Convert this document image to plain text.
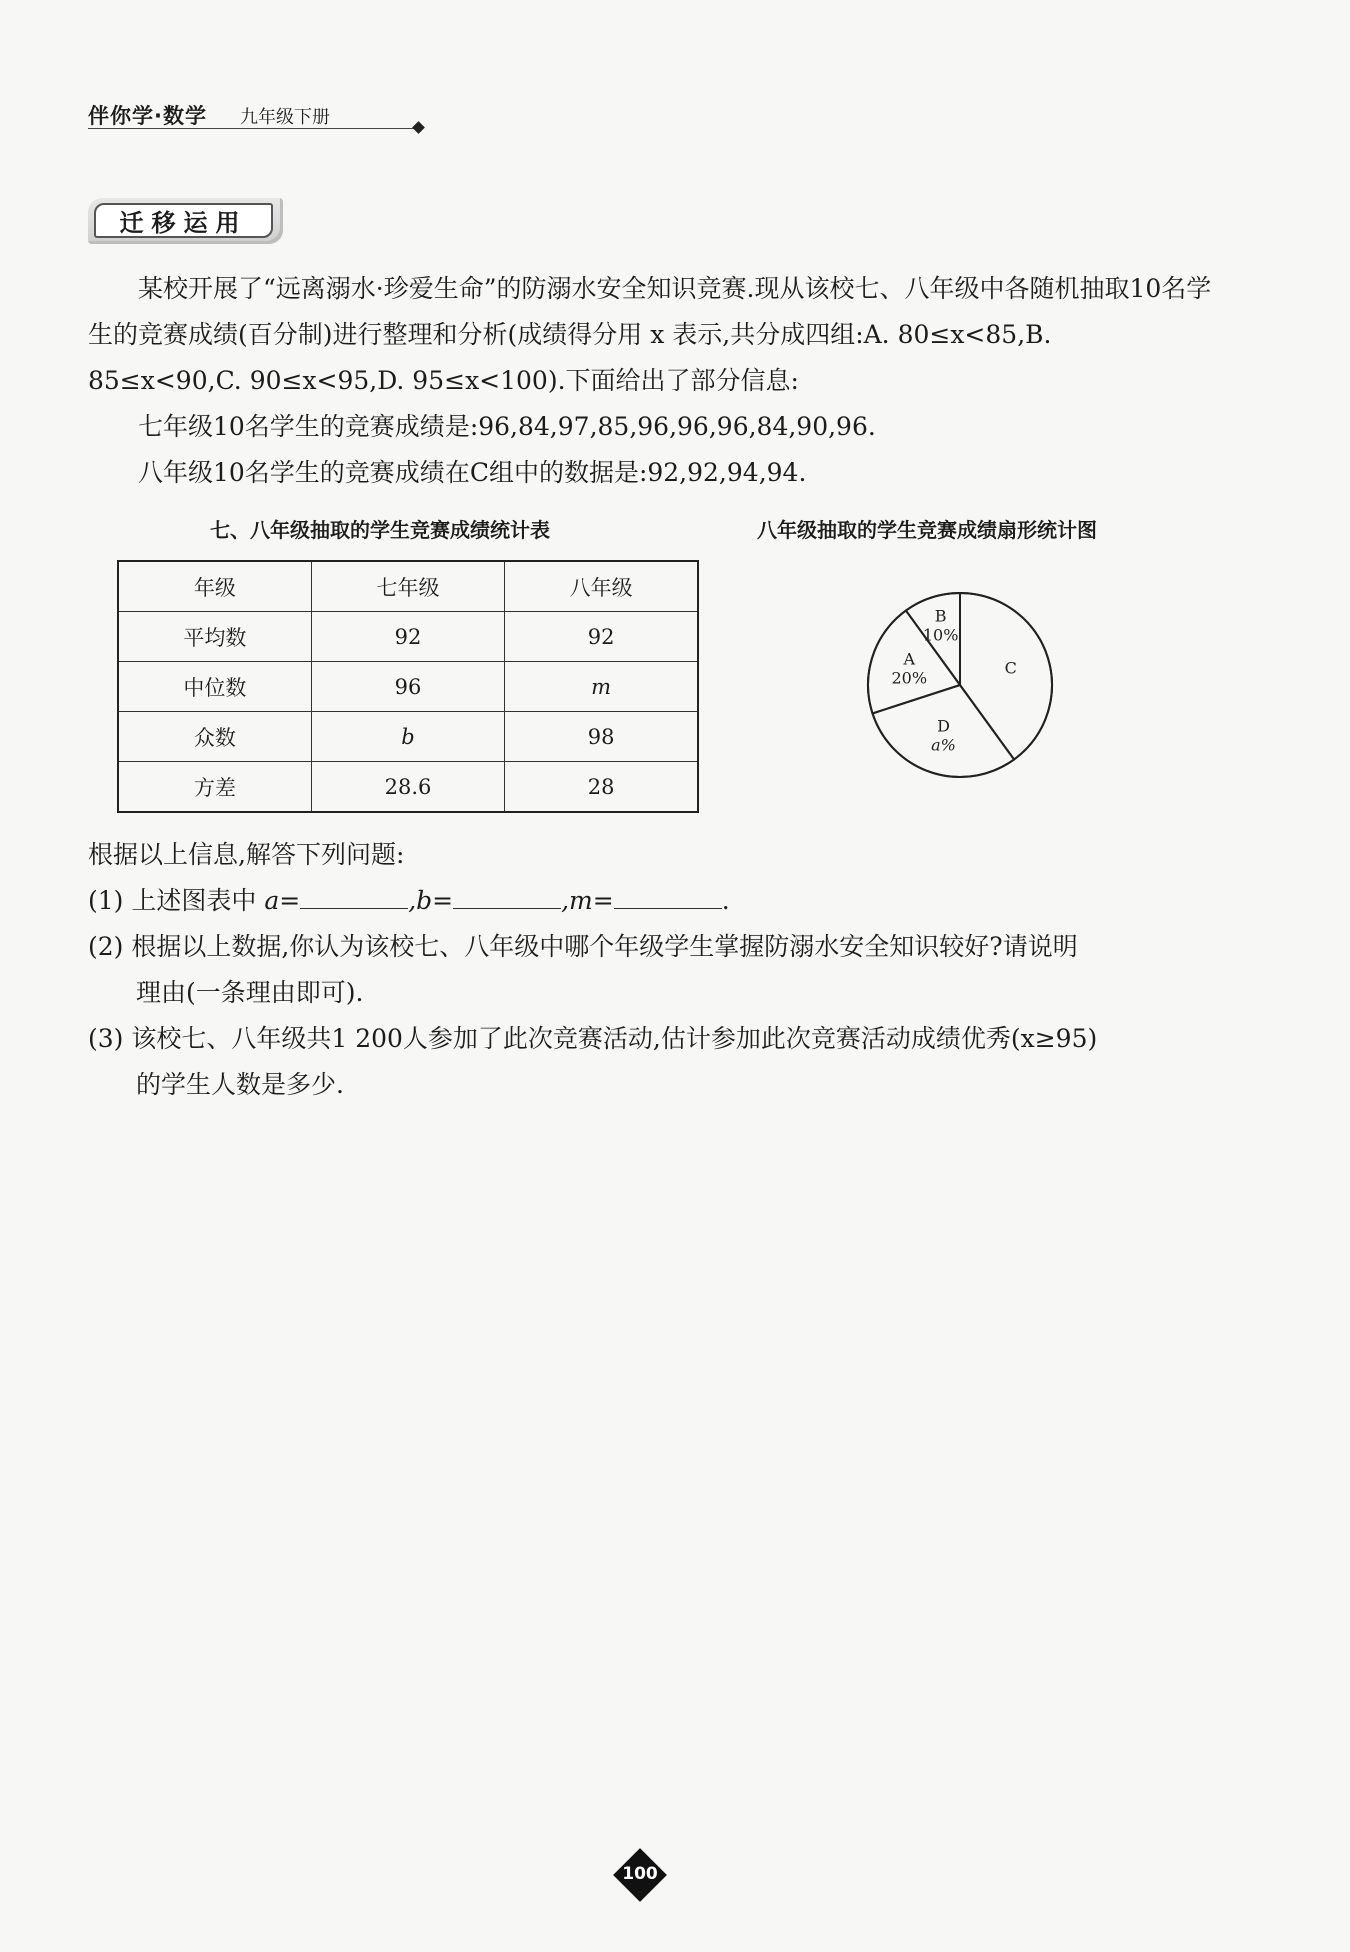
伴你学·数学 九年级下册
迁移运用
某校开展了“远离溺水·珍爱生命”的防溺水安全知识竞赛.现从该校七、八年级中各随机抽取10名学生的竞赛成绩(百分制)进行整理和分析(成绩得分用 x 表示,共分成四组:A. 80≤x<85,B. 85≤x<90,C. 90≤x<95,D. 95≤x<100).下面给出了部分信息:
七年级10名学生的竞赛成绩是:96,84,97,85,96,96,96,84,90,96.
八年级10名学生的竞赛成绩在C组中的数据是:92,92,94,94.
七、八年级抽取的学生竞赛成绩统计表
年级	七年级	八年级
平均数	92	92
中位数	96	m
众数	b	98
方差	28.6	28
八年级抽取的学生竞赛成绩扇形统计图
A
20%
B
10%
C
D
a%
根据以上信息,解答下列问题:
(1) 上述图表中 a=	,b=	,m=	.
(2) 根据以上数据,你认为该校七、八年级中哪个年级学生掌握防溺水安全知识较好?请说明
理由(一条理由即可).
(3) 该校七、八年级共1 200人参加了此次竞赛活动,估计参加此次竞赛活动成绩优秀(x≥95)
的学生人数是多少.
100
